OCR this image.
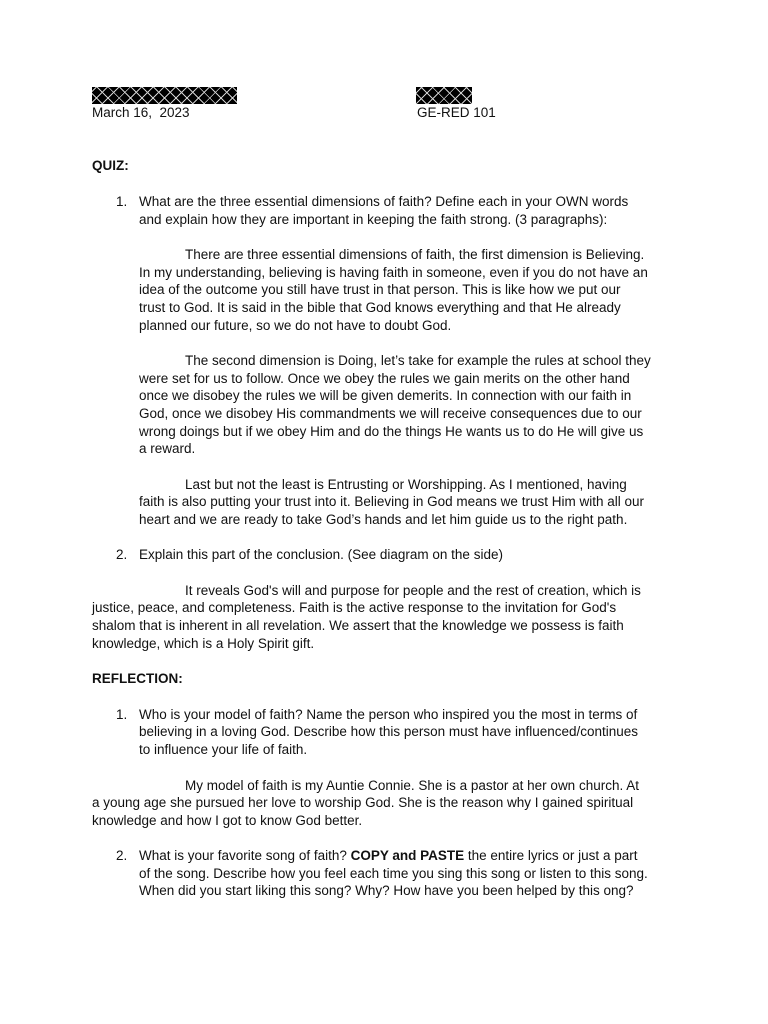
March 16,  2023	GE-RED 101
QUIZ:
1. What are the three essential dimensions of faith? Define each in your OWN words
and explain how they are important in keeping the faith strong. (3 paragraphs):
There are three essential dimensions of faith, the first dimension is Believing.
In my understanding, believing is having faith in someone, even if you do not have an
idea of the outcome you still have trust in that person. This is like how we put our
trust to God. It is said in the bible that God knows everything and that He already
planned our future, so we do not have to doubt God.
The second dimension is Doing, let’s take for example the rules at school they
were set for us to follow. Once we obey the rules we gain merits on the other hand
once we disobey the rules we will be given demerits. In connection with our faith in
God, once we disobey His commandments we will receive consequences due to our
wrong doings but if we obey Him and do the things He wants us to do He will give us
a reward.
Last but not the least is Entrusting or Worshipping. As I mentioned, having
faith is also putting your trust into it. Believing in God means we trust Him with all our
heart and we are ready to take God’s hands and let him guide us to the right path.
2. Explain this part of the conclusion. (See diagram on the side)
It reveals God's will and purpose for people and the rest of creation, which is
justice, peace, and completeness. Faith is the active response to the invitation for God's
shalom that is inherent in all revelation. We assert that the knowledge we possess is faith
knowledge, which is a Holy Spirit gift.
REFLECTION:
1. Who is your model of faith? Name the person who inspired you the most in terms of
believing in a loving God. Describe how this person must have influenced/continues
to influence your life of faith.
My model of faith is my Auntie Connie. She is a pastor at her own church. At
a young age she pursued her love to worship God. She is the reason why I gained spiritual
knowledge and how I got to know God better.
2. What is your favorite song of faith? COPY and PASTE the entire lyrics or just a part
of the song. Describe how you feel each time you sing this song or listen to this song.
When did you start liking this song? Why? How have you been helped by this ong?
